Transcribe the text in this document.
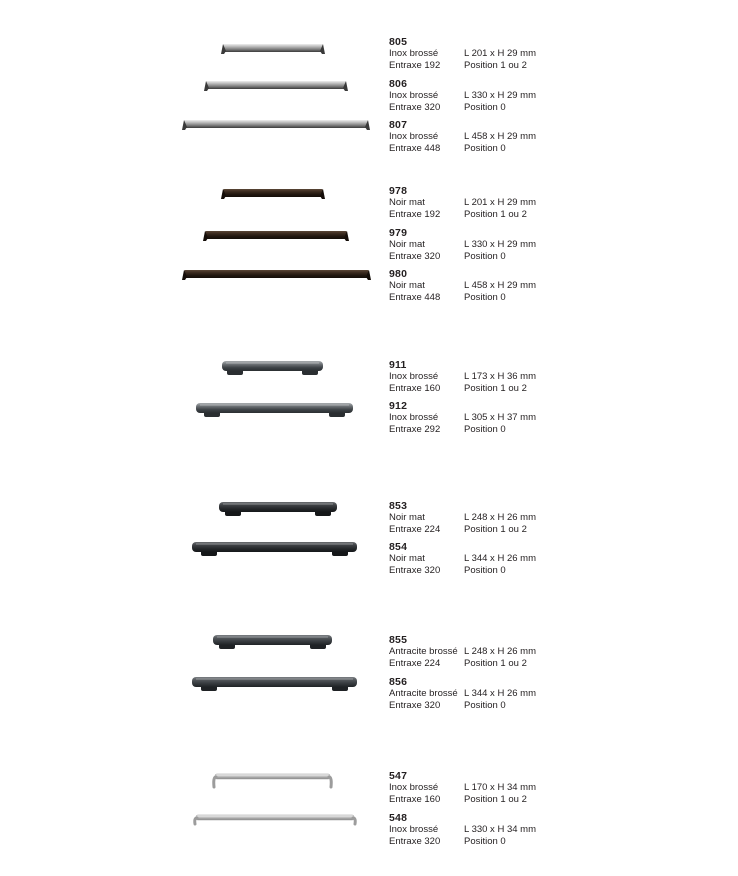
805
Inox brossé	L 201 x H 29 mm
Entraxe 192	Position 1 ou 2
806
Inox brossé	L 330 x H 29 mm
Entraxe 320	Position 0
807
Inox brossé	L 458 x H 29 mm
Entraxe 448	Position 0
978
Noir mat	L 201 x H 29 mm
Entraxe 192	Position 1 ou 2
979
Noir mat	L 330 x H 29 mm
Entraxe 320	Position 0
980
Noir mat	L 458 x H 29 mm
Entraxe 448	Position 0
911
Inox brossé	L 173 x H 36 mm
Entraxe 160	Position 1 ou 2
912
Inox brossé	L 305 x H 37 mm
Entraxe 292	Position 0
853
Noir mat	L 248 x H 26 mm
Entraxe 224	Position 1 ou 2
854
Noir mat	L 344 x H 26 mm
Entraxe 320	Position 0
855
Antracite brossé L 248 x H 26 mm
Entraxe 224	Position 1 ou 2
856
Antracite brossé L 344 x H 26 mm
Entraxe 320	Position 0
547
Inox brossé	L 170 x H 34 mm
Entraxe 160	Position 1 ou 2
548
Inox brossé	L 330 x H 34 mm
Entraxe 320	Position 0
